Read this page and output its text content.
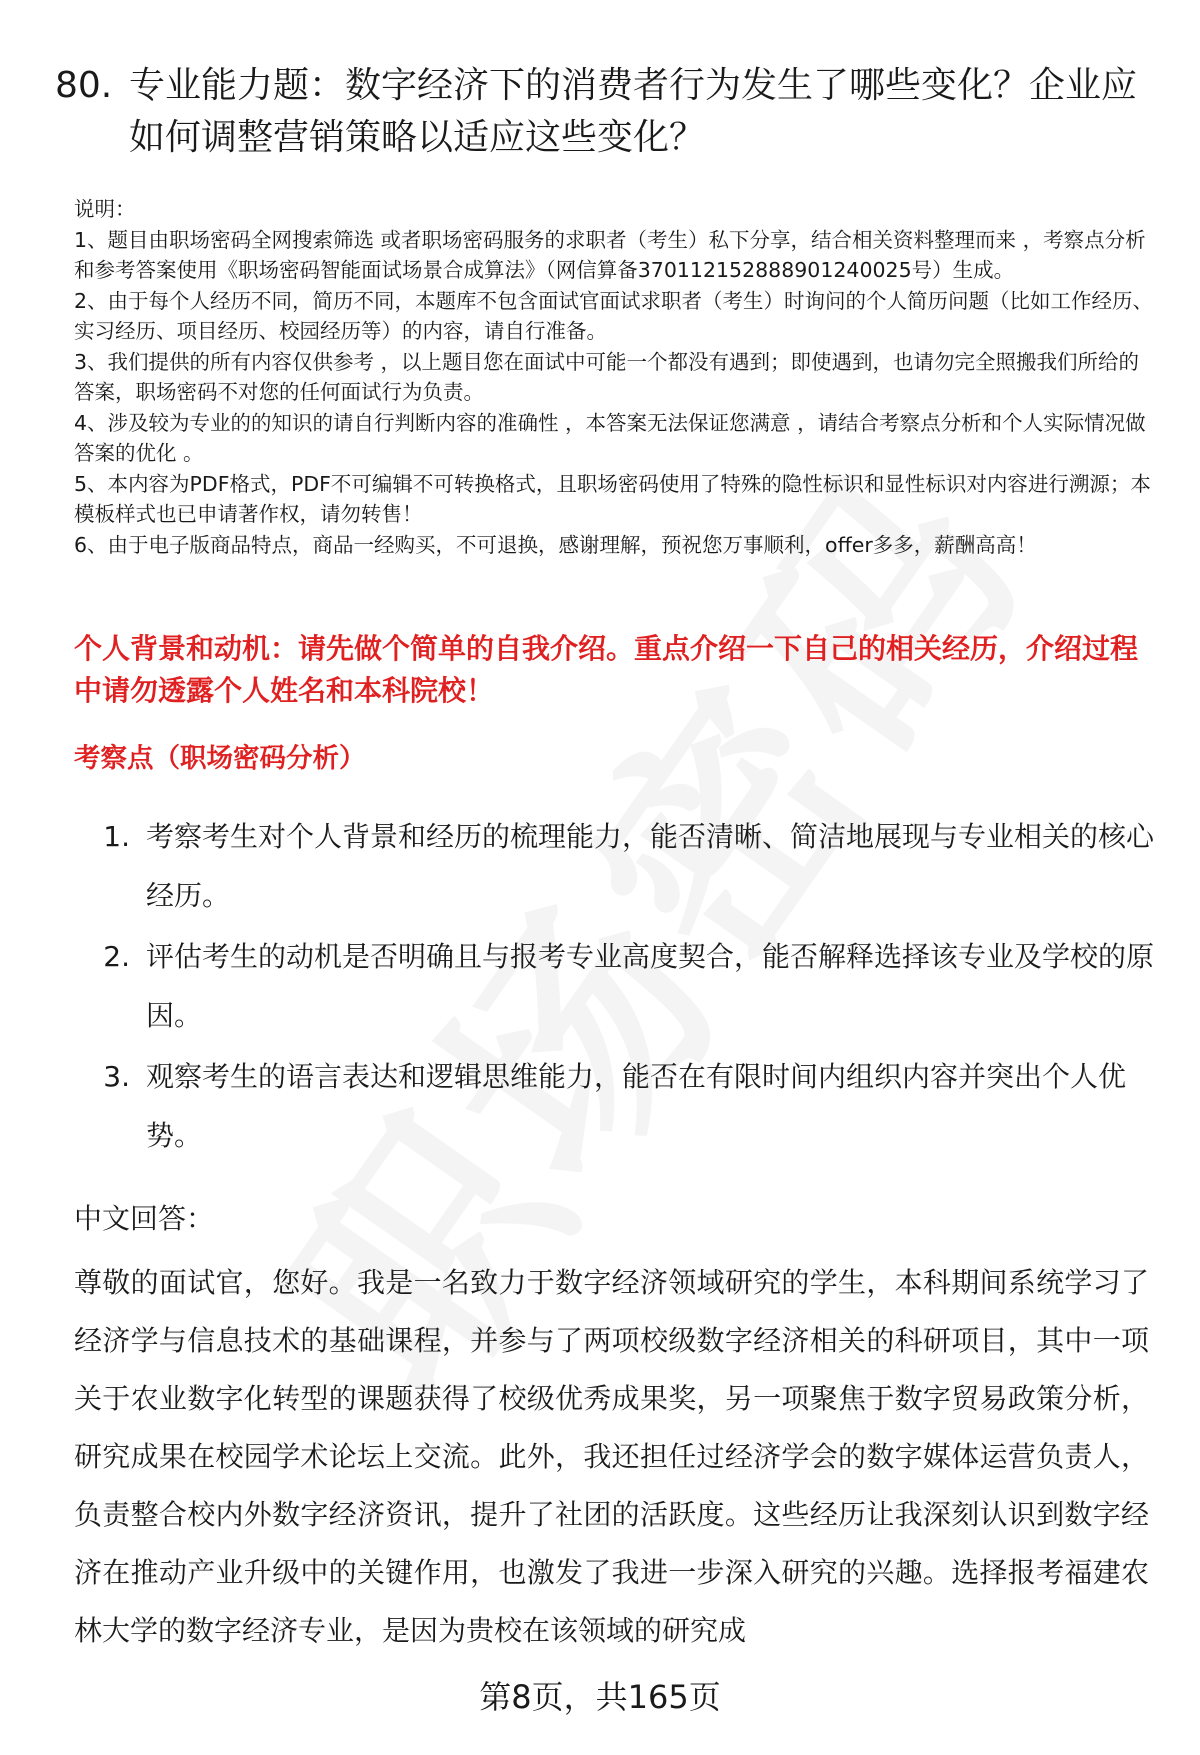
80. 专业能力题：数字经济下的消费者行为发生了哪些变化？企业应如何调整营销策略以适应这些变化？

说明：

1、题目由职场密码全网搜索筛选 或者职场密码服务的求职者（考生）私下分享，结合相关资料整理而来 ，考察点分析和参考答案使用《职场密码智能面试场景合成算法》（网信算备370112152888901240025号）生成。

2、由于每个人经历不同，简历不同，本题库不包含面试官面试求职者（考生）时询问的个人简历问题（比如工作经历、实习经历、项目经历、校园经历等）的内容，请自行准备。

3、我们提供的所有内容仅供参考 ，以上题目您在面试中可能一个都没有遇到；即使遇到，也请勿完全照搬我们所给的答案，职场密码不对您的任何面试行为负责。

4、涉及较为专业的的知识的请自行判断内容的准确性 ，本答案无法保证您满意 ，请结合考察点分析和个人实际情况做答案的优化 。

5、本内容为PDF格式，PDF不可编辑不可转换格式，且职场密码使用了特殊的隐性标识和显性标识对内容进行溯源；本模板样式也已申请著作权，请勿转售！

6、由于电子版商品特点，商品一经购买，不可退换，感谢理解，预祝您万事顺利，offer多多，薪酬高高！

个人背景和动机：请先做个简单的自我介绍。重点介绍一下自己的相关经历，介绍过程中请勿透露个人姓名和本科院校！
考察点（职场密码分析）
1. 考察考生对个人背景和经历的梳理能力，能否清晰、简洁地展现与专业相关的核心经历。
2. 评估考生的动机是否明确且与报考专业高度契合，能否解释选择该专业及学校的原因。
3. 观察考生的语言表达和逻辑思维能力，能否在有限时间内组织内容并突出个人优势。
中文回答：
尊敬的面试官，您好。我是一名致力于数字经济领域研究的学生，本科期间系统学习了经济学与信息技术的基础课程，并参与了两项校级数字经济相关的科研项目，其中一项关于农业数字化转型的课题获得了校级优秀成果奖，另一项聚焦于数字贸易政策分析，研究成果在校园学术论坛上交流。此外，我还担任过经济学会的数字媒体运营负责人，负责整合校内外数字经济资讯，提升了社团的活跃度。这些经历让我深刻认识到数字经济在推动产业升级中的关键作用，也激发了我进一步深入研究的兴趣。选择报考福建农林大学的数字经济专业，是因为贵校在该领域的研究成
第8页，共165页
